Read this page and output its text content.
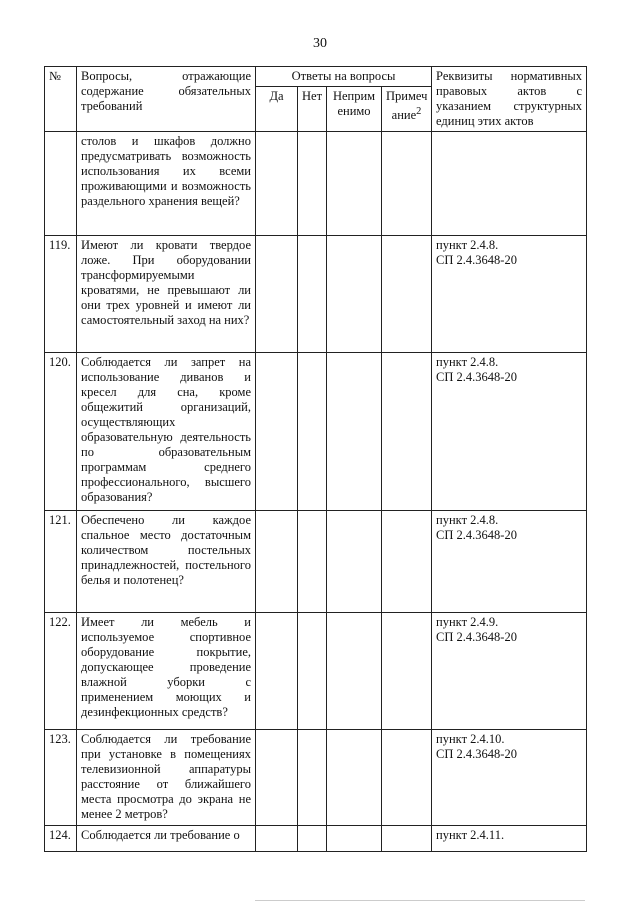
30
№	Вопросы, отражающие содержание обязательных требований	Ответы на вопросы				Реквизиты нормативных правовых актов с указанием структурных единиц этих актов
		Да	Нет	Неприм енимо	Примеч ание$^2$
	столов и шкафов должно предусматривать возможность использования их всеми проживающими и возможность раздельного хранения вещей?					

119.	Имеют ли кровати твердое ложе. При оборудовании трансформируемыми кроватями, не превышают ли они трех уровней и имеют ли самостоятельный заход на них?					пункт 2.4.8.
СП 2.4.3648-20

120.	Соблюдается ли запрет на использование диванов и кресел для сна, кроме общежитий организаций, осуществляющих образовательную деятельность по образовательным программам среднего профессионального, высшего образования?					пункт 2.4.8.
СП 2.4.3648-20

121.	Обеспечено ли каждое спальное место достаточным количеством постельных принадлежностей, постельного белья и полотенец?					пункт 2.4.8.
СП 2.4.3648-20

122.	Имеет ли мебель и используемое спортивное оборудование покрытие, допускающее проведение влажной уборки с применением моющих и дезинфекционных средств?					пункт 2.4.9.
СП 2.4.3648-20

123.	Соблюдается ли требование при установке в помещениях телевизионной аппаратуры расстояние от ближайшего места просмотра до экрана не менее 2 метров?					пункт 2.4.10.
СП 2.4.3648-20

124.	Соблюдается ли требование о					пункт 2.4.11.
